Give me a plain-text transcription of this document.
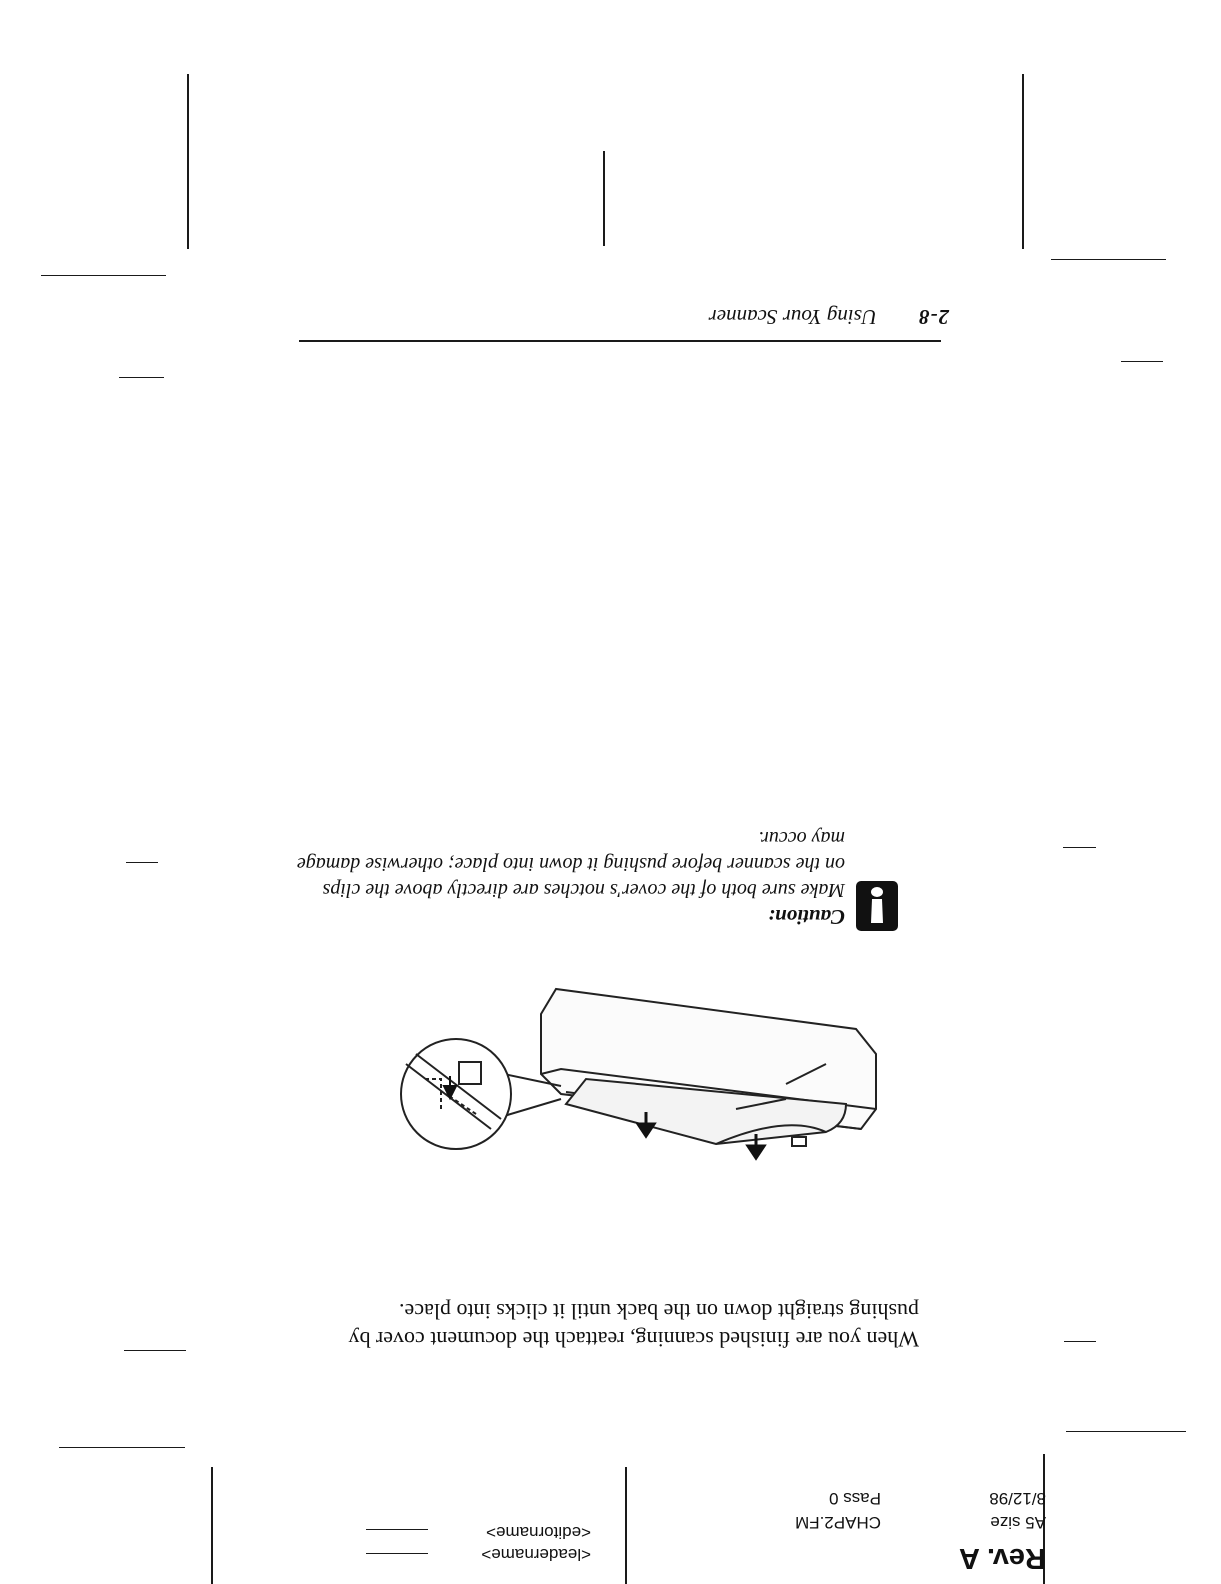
2-8
Using Your Scanner
Caution:
Make sure both of the cover's notches are directly above the clips
on the scanner before pushing it down into place; otherwise damage
may occur.
When you are finished scanning, reattach the document cover by
pushing straight down on the back until it clicks into place.
Rev. A
A5 size
8/12/98
CHAP2.FM
Pass 0
<leadername>
<editorname>
